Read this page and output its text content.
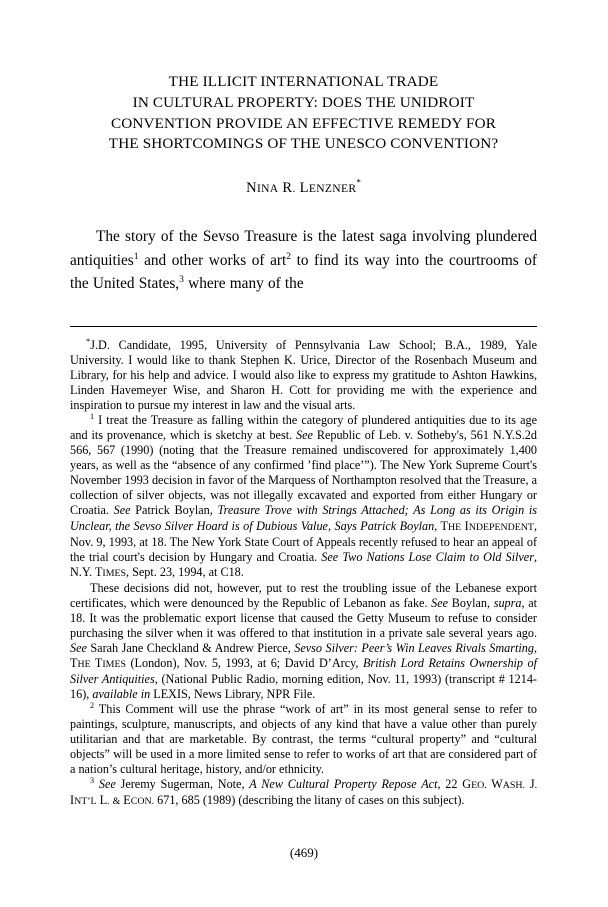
THE ILLICIT INTERNATIONAL TRADE
IN CULTURAL PROPERTY: DOES THE UNIDROIT
CONVENTION PROVIDE AN EFFECTIVE REMEDY FOR
THE SHORTCOMINGS OF THE UNESCO CONVENTION?
NINA R. LENZNER*

The story of the Sevso Treasure is the latest saga involving plundered antiquities$^1$ and other works of art$^2$ to find its way into the courtrooms of the United States,$^3$ where many of the

*J.D. Candidate, 1995, University of Pennsylvania Law School; B.A., 1989, Yale University. I would like to thank Stephen K. Urice, Director of the Rosenbach Museum and Library, for his help and advice. I would also like to express my gratitude to Ashton Hawkins, Linden Havemeyer Wise, and Sharon H. Cott for providing me with the experience and inspiration to pursue my interest in law and the visual arts.

$^1$ I treat the Treasure as falling within the category of plundered antiquities due to its age and its provenance, which is sketchy at best. See Republic of Leb. v. Sotheby's, 561 N.Y.S.2d 566, 567 (1990) (noting that the Treasure remained undiscovered for approximately 1,400 years, as well as the “absence of any confirmed ’find place’”). The New York Supreme Court's November 1993 decision in favor of the Marquess of Northampton resolved that the Treasure, a collection of silver objects, was not illegally excavated and exported from either Hungary or Croatia. See Patrick Boylan, Treasure Trove with Strings Attached; As Long as its Origin is Unclear, the Sevso Silver Hoard is of Dubious Value, Says Patrick Boylan, THE INDEPENDENT, Nov. 9, 1993, at 18. The New York State Court of Appeals recently refused to hear an appeal of the trial court's decision by Hungary and Croatia. See Two Nations Lose Claim to Old Silver, N.Y. TIMES, Sept. 23, 1994, at C18.

These decisions did not, however, put to rest the troubling issue of the Lebanese export certificates, which were denounced by the Republic of Lebanon as fake. See Boylan, supra, at 18. It was the problematic export license that caused the Getty Museum to refuse to consider purchasing the silver when it was offered to that institution in a private sale several years ago. See Sarah Jane Checkland & Andrew Pierce, Sevso Silver: Peer’s Win Leaves Rivals Smarting, THE TIMES (London), Nov. 5, 1993, at 6; David D’Arcy, British Lord Retains Ownership of Silver Antiquities, (National Public Radio, morning edition, Nov. 11, 1993) (transcript # 1214-16), available in LEXIS, News Library, NPR File.

$^2$ This Comment will use the phrase “work of art” in its most general sense to refer to paintings, sculpture, manuscripts, and objects of any kind that have a value other than purely utilitarian and that are marketable. By contrast, the terms “cultural property” and “cultural objects” will be used in a more limited sense to refer to works of art that are considered part of a nation’s cultural heritage, history, and/or ethnicity.

$^3$ See Jeremy Sugerman, Note, A New Cultural Property Repose Act, 22 GEO. WASH. J. INT’L L. & ECON. 671, 685 (1989) (describing the litany of cases on this subject).

(469)
